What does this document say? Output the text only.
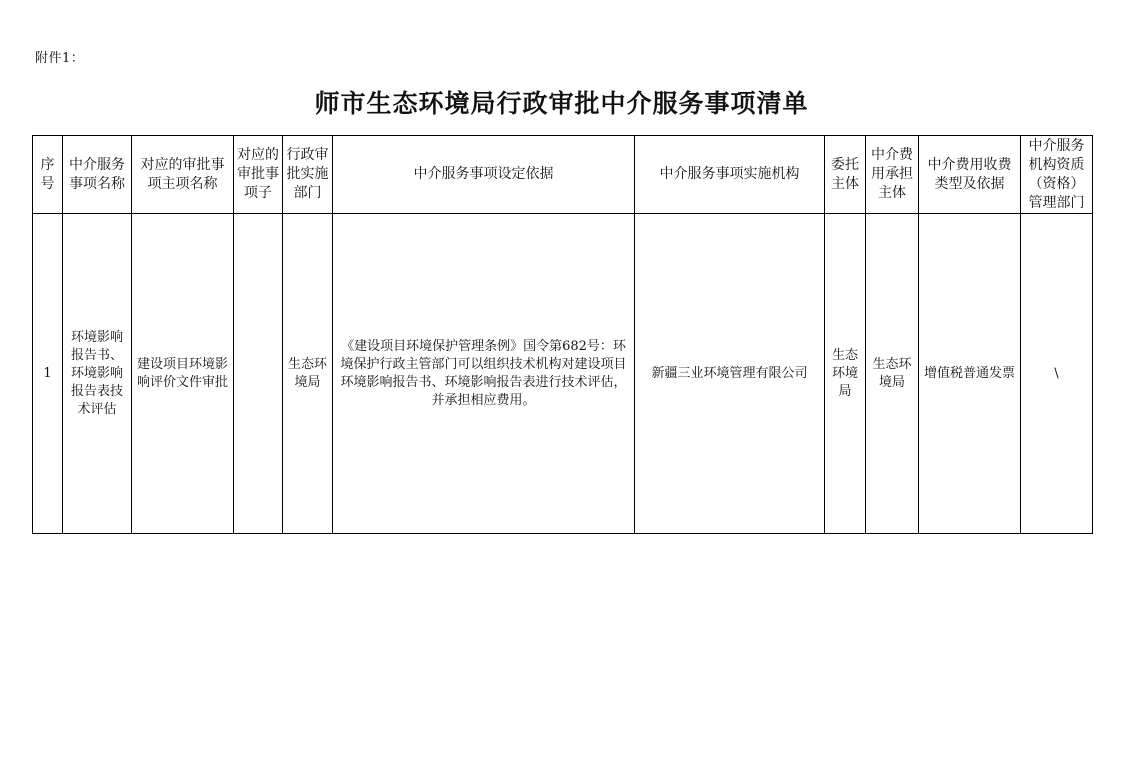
附件1：
师市生态环境局行政审批中介服务事项清单
序号	中介服务事项名称	对应的审批事项主项名称	对应的审批事项子	行政审批实施部门	中介服务事项设定依据	中介服务事项实施机构	委托主体	中介费用承担主体	中介费用收费类型及依据	中介服务机构资质（资格）管理部门
1	环境影响报告书、环境影响报告表技术评估	建设项目环境影响评价文件审批		生态环境局	《建设项目环境保护管理条例》国令第682号：环境保护行政主管部门可以组织技术机构对建设项目环境影响报告书、环境影响报告表进行技术评估，并承担相应费用。	新疆三业环境管理有限公司	生态环境局	生态环境局	增值税普通发票	\
